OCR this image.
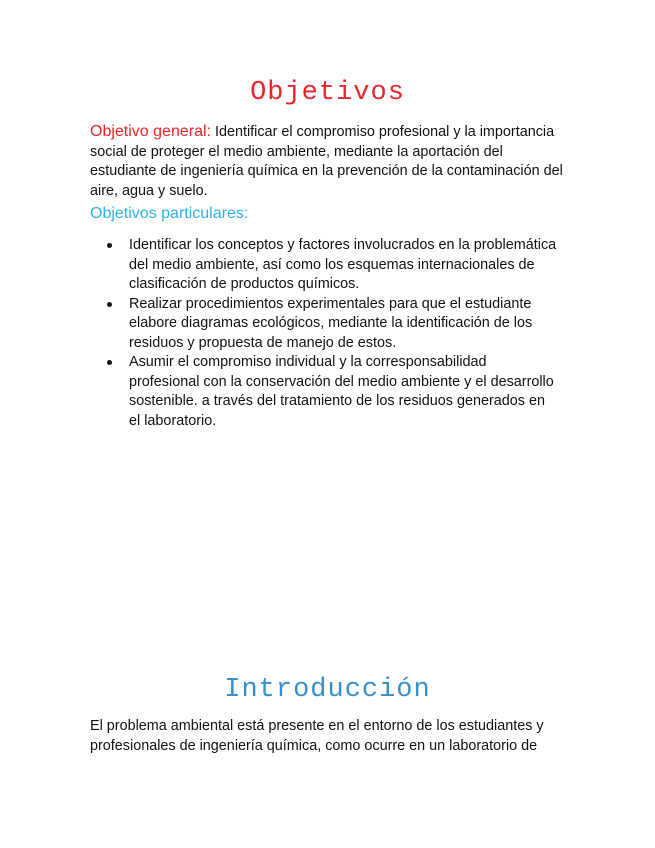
Objetivos

Objetivo general: Identificar el compromiso profesional y la importancia social de proteger el medio ambiente, mediante la aportación del estudiante de ingeniería química en la prevención de la contaminación del aire, agua y suelo.

Objetivos particulares:
Identificar los conceptos y factores involucrados en la problemática del medio ambiente, así como los esquemas internacionales de clasificación de productos químicos.
Realizar procedimientos experimentales para que el estudiante elabore diagramas ecológicos, mediante la identificación de los residuos y propuesta de manejo de estos.
Asumir el compromiso individual y la corresponsabilidad profesional con la conservación del medio ambiente y el desarrollo sostenible. a través del tratamiento de los residuos generados en el laboratorio.
Introducción

El problema ambiental está presente en el entorno de los estudiantes y profesionales de ingeniería química, como ocurre en un laboratorio de
